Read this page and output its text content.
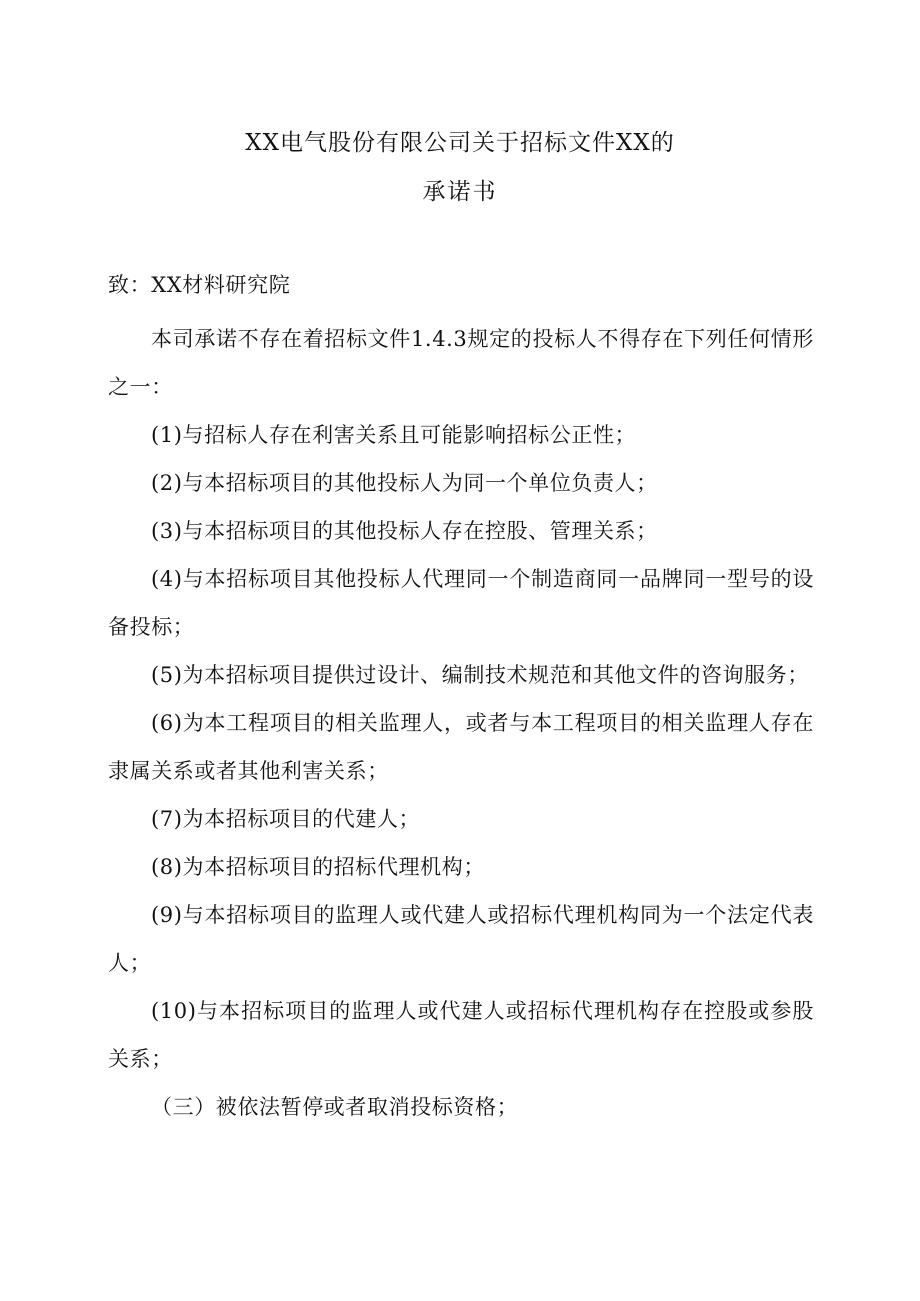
XX电气股份有限公司关于招标文件XX的
承诺书
致：XX材料研究院

本司承诺不存在着招标文件1.4.3规定的投标人不得存在下列任何情形之一：

(1)与招标人存在利害关系且可能影响招标公正性；

(2)与本招标项目的其他投标人为同一个单位负责人；

(3)与本招标项目的其他投标人存在控股、管理关系；

(4)与本招标项目其他投标人代理同一个制造商同一品牌同一型号的设备投标；

(5)为本招标项目提供过设计、编制技术规范和其他文件的咨询服务；

(6)为本工程项目的相关监理人，或者与本工程项目的相关监理人存在隶属关系或者其他利害关系；

(7)为本招标项目的代建人；

(8)为本招标项目的招标代理机构；

(9)与本招标项目的监理人或代建人或招标代理机构同为一个法定代表人；

(10)与本招标项目的监理人或代建人或招标代理机构存在控股或参股关系；

（三）被依法暂停或者取消投标资格；
